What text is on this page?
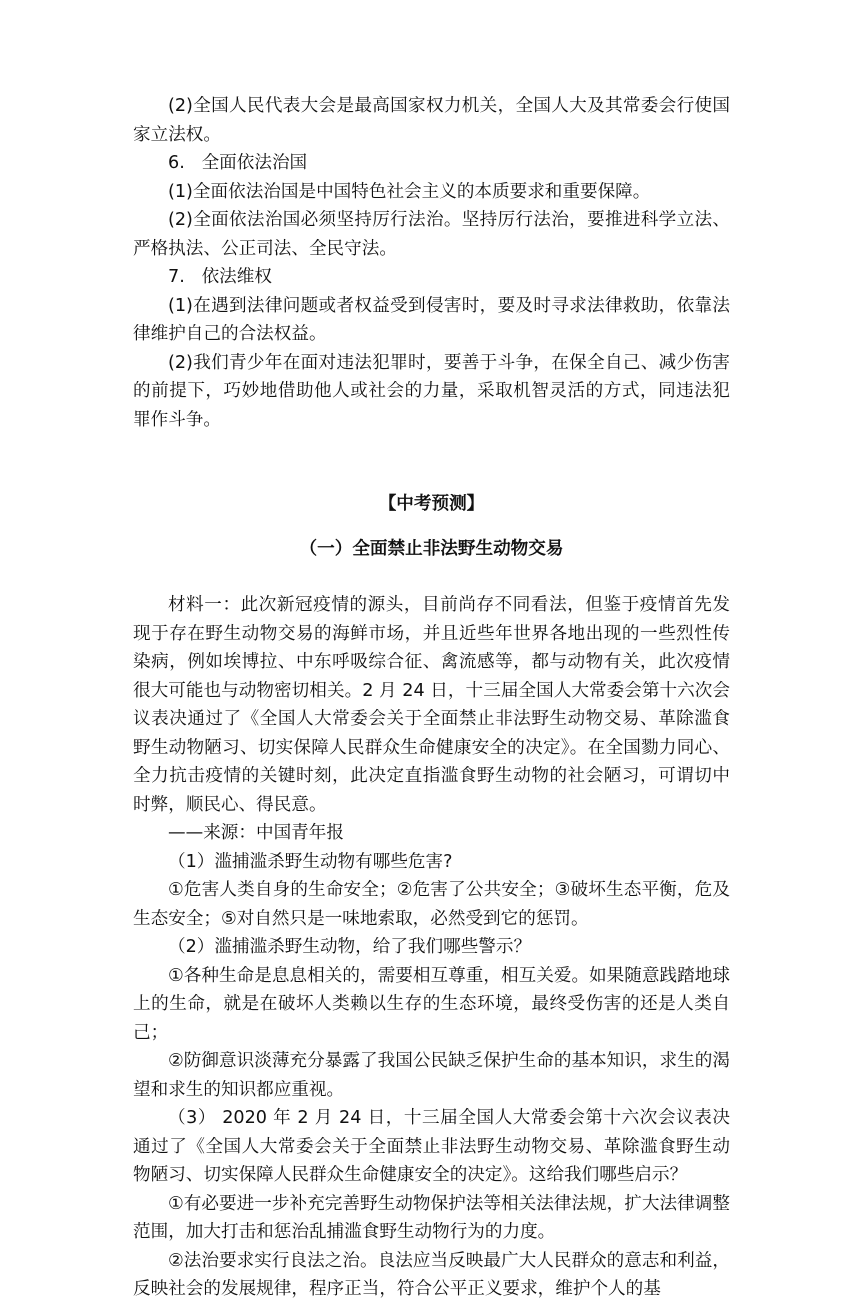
(2)全国人民代表大会是最高国家权力机关，全国人大及其常委会行使国家立法权。

6.   全面依法治国

(1)全面依法治国是中国特色社会主义的本质要求和重要保障。

(2)全面依法治国必须坚持厉行法治。坚持厉行法治，要推进科学立法、严格执法、公正司法、全民守法。

7.   依法维权

(1)在遇到法律问题或者权益受到侵害时，要及时寻求法律救助，依靠法律维护自己的合法权益。

(2)我们青少年在面对违法犯罪时，要善于斗争，在保全自己、减少伤害的前提下，巧妙地借助他人或社会的力量，采取机智灵活的方式，同违法犯罪作斗争。

【中考预测】

（一）全面禁止非法野生动物交易

材料一：此次新冠疫情的源头，目前尚存不同看法，但鉴于疫情首先发现于存在野生动物交易的海鲜市场，并且近些年世界各地出现的一些烈性传染病，例如埃博拉、中东呼吸综合征、禽流感等，都与动物有关，此次疫情很大可能也与动物密切相关。2 月 24 日，十三届全国人大常委会第十六次会议表决通过了《全国人大常委会关于全面禁止非法野生动物交易、革除滥食野生动物陋习、切实保障人民群众生命健康安全的决定》。在全国勠力同心、全力抗击疫情的关键时刻，此决定直指滥食野生动物的社会陋习，可谓切中时弊，顺民心、得民意。

——来源：中国青年报

（1）滥捕滥杀野生动物有哪些危害?

①危害人类自身的生命安全；②危害了公共安全；③破坏生态平衡，危及生态安全；⑤对自然只是一味地索取，必然受到它的惩罚。

（2）滥捕滥杀野生动物，给了我们哪些警示？

①各种生命是息息相关的，需要相互尊重，相互关爱。如果随意践踏地球上的生命，就是在破坏人类赖以生存的生态环境，最终受伤害的还是人类自己；

②防御意识淡薄充分暴露了我国公民缺乏保护生命的基本知识，求生的渴望和求生的知识都应重视。

（3） 2020 年 2 月 24 日，十三届全国人大常委会第十六次会议表决通过了《全国人大常委会关于全面禁止非法野生动物交易、革除滥食野生动物陋习、切实保障人民群众生命健康安全的决定》。这给我们哪些启示？

①有必要进一步补充完善野生动物保护法等相关法律法规，扩大法律调整范围，加大打击和惩治乱捕滥食野生动物行为的力度。

②法治要求实行良法之治。良法应当反映最广大人民群众的意志和利益，反映社会的发展规律，程序正当，符合公平正义要求，维护个人的基
